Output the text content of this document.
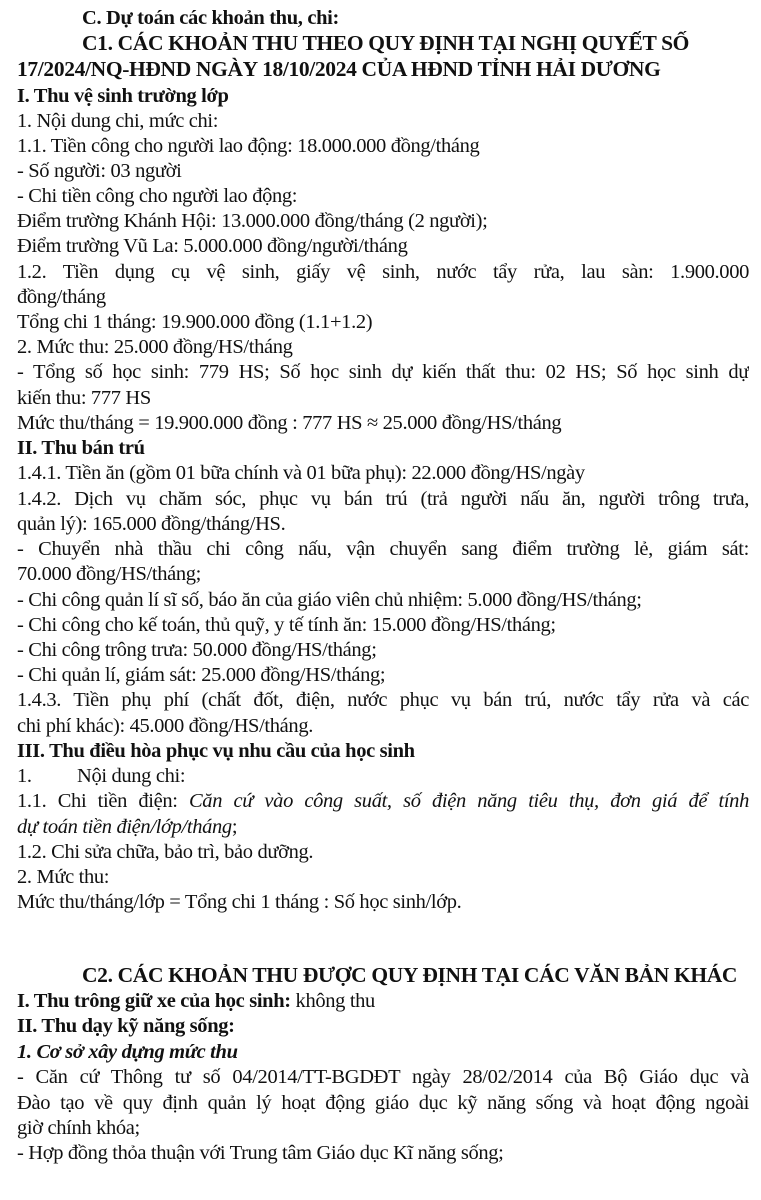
C. Dự toán các khoản thu, chi:
C1. CÁC KHOẢN THU THEO QUY ĐỊNH TẠI NGHỊ QUYẾT SỐ
17/2024/NQ-HĐND NGÀY 18/10/2024 CỦA HĐND TỈNH HẢI DƯƠNG
I. Thu vệ sinh trường lớp
1. Nội dung chi, mức chi:
1.1. Tiền công cho người lao động: 18.000.000 đồng/tháng
- Số người: 03 người
- Chi tiền công cho người lao động:
Điểm trường Khánh Hội: 13.000.000 đồng/tháng (2 người);
Điểm trường Vũ La: 5.000.000 đồng/người/tháng
1.2. Tiền dụng cụ vệ sinh, giấy vệ sinh, nước tẩy rửa, lau sàn: 1.900.000
đồng/tháng
Tổng chi 1 tháng: 19.900.000 đồng (1.1+1.2)
2. Mức thu: 25.000 đồng/HS/tháng
- Tổng số học sinh: 779 HS; Số học sinh dự kiến thất thu: 02 HS; Số học sinh dự
kiến thu: 777 HS
Mức thu/tháng = 19.900.000 đồng : 777 HS ≈ 25.000 đồng/HS/tháng
II. Thu bán trú
1.4.1. Tiền ăn (gồm 01 bữa chính và 01 bữa phụ): 22.000 đồng/HS/ngày
1.4.2. Dịch vụ chăm sóc, phục vụ bán trú (trả người nấu ăn, người trông trưa,
quản lý): 165.000 đồng/tháng/HS.
- Chuyển nhà thầu chi công nấu, vận chuyển sang điểm trường lẻ, giám sát:
70.000 đồng/HS/tháng;
- Chi công quản lí sĩ số, báo ăn của giáo viên chủ nhiệm: 5.000 đồng/HS/tháng;
- Chi công cho kế toán, thủ quỹ, y tế tính ăn: 15.000 đồng/HS/tháng;
- Chi công trông trưa: 50.000 đồng/HS/tháng;
- Chi quản lí, giám sát: 25.000 đồng/HS/tháng;
1.4.3. Tiền phụ phí (chất đốt, điện, nước phục vụ bán trú, nước tẩy rửa và các
chi phí khác): 45.000 đồng/HS/tháng.
III. Thu điều hòa phục vụ nhu cầu của học sinh
1. Nội dung chi:
1.1. Chi tiền điện: Căn cứ vào công suất, số điện năng tiêu thụ, đơn giá để tính
dự toán tiền điện/lớp/tháng;
1.2. Chi sửa chữa, bảo trì, bảo dưỡng.
2. Mức thu:
Mức thu/tháng/lớp = Tổng chi 1 tháng : Số học sinh/lớp.
C2. CÁC KHOẢN THU ĐƯỢC QUY ĐỊNH TẠI CÁC VĂN BẢN KHÁC
I. Thu trông giữ xe của học sinh: không thu
II. Thu dạy kỹ năng sống:
1. Cơ sở xây dựng mức thu
- Căn cứ Thông tư số 04/2014/TT-BGDĐT ngày 28/02/2014 của Bộ Giáo dục và
Đào tạo về quy định quản lý hoạt động giáo dục kỹ năng sống và hoạt động ngoài
giờ chính khóa;
- Hợp đồng thỏa thuận với Trung tâm Giáo dục Kĩ năng sống;
